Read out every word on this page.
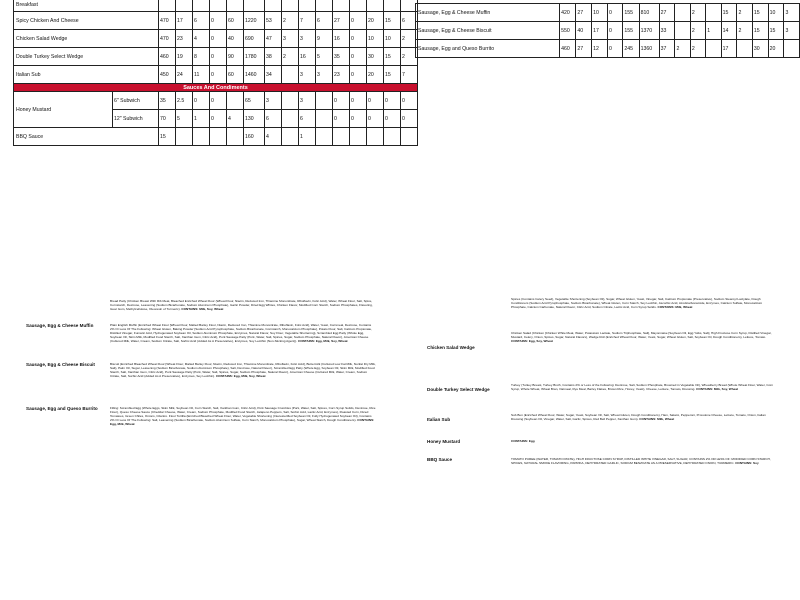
Breakfast																
Spicy Chicken And Cheese		470	17	6	0	60	1220	53	2	7	6	27	0	20	15	6
Chicken Salad Wedge		470	23	4	0	40	690	47	3	3	9	16	0	10	10	2
Double Turkey Select Wedge		460	19	8	0	90	1780	38	2	16	5	35	0	30	15	2
Italian Sub		450	24	11	0	60	1460	34		3	3	23	0	20	15	7
Sauces And Condiments																
Honey Mustard	6" Subwich	35	2.5	0	0		65	3		3		0	0	0	0	0
	12" Subwich	70	5	1	0	4	130	6		6		0	0	0	0	0
BBQ Sauce		15					160	4		1						
Sausage, Egg & Cheese Muffin	420	27	10	0	155	810	27		2		15	2	15	10	3
Sausage, Egg & Cheese Biscuit	550	40	17	0	155	1370	33		2	1	14	2	15	15	3
Sausage, Egg and Queso Burrito	460	27	12	0	245	1360	37	2	2		17		30	20	
Bread Patty (Chicken Breast With Rib Meat, Bleached Enriched Wheat Flour (Wheat Flour, Niacin, Reduced Iron, Thiamine Mononitrate, Riboflavin, Folic Acid), Water, Wheat Flour, Salt, Spice, Cornstarch, Dextrose, Leavening (Sodium Bicarbonate, Sodium Aluminum Phosphate), Garlic Powder, Dried Egg Whites, Chicken Flavor, Modified Corn Starch, Sodium Phosphates, Flavoring, Guar Gum, Methylcellulose, Oleoresin of Turmeric). CONTAINS: Milk, Soy, Wheat
Sausage, Egg & Cheese Muffin	Plain English Muffin (Enriched Wheat Flour [Wheat Flour, Malted Barley Flour, Niacin, Reduced Iron, Thiamine Mononitrate, Riboflavin, Folic Acid], Water, Yeast, Cornmeal, Dextrose, Contains 2% Or Less Of The Following: Wheat Gluten, Baking Powder [Sodium Acid Pyrophosphate, Sodium Bicarbonate, Cornstarch, Monocalcium Phosphate], Potato Flour, Salt, Calcium Propionate, Distilled Vinegar, Fumaric Acid, Hydrogenated Soybean Oil, Sodium Aluminum Phosphate, Enzymes, Natural Flavor, Soy Flour, Vegetable Shortening), Scrambled Egg Patty (Whole Egg, Soybean Oil, Skim Milk, Modified Food Starch, Salt, Xanthan Gum, Citric Acid), Pork Sausage Patty (Pork, Water, Salt, Spices, Sugar, Sodium Phosphate, Natural Flavor), American Cheese (Cultured Milk, Water, Cream, Sodium Citrate, Salt, Sorbic Acid (Added As A Preservative), Enzymes, Soy Lecithin (Non-Sticking Agent)). CONTAINS: Egg, Milk, Soy, Wheat
Sausage, Egg & Cheese Biscuit	Biscuit (Enriched Bleached Wheat Flour [Wheat Flour, Malted Barley Flour, Niacin, Reduced Iron, Thiamine Mononitrate, Riboflavin, Folic Acid], Buttermilk (Cultured Low Fat Milk, Nonfat Dry Milk, Salt), Palm Oil, Sugar, Leavening (Sodium Bicarbonate, Sodium Aluminum Phosphate), Salt, Dextrose, Natural Flavor), Scrambled Egg Patty (Whole Egg, Soybean Oil, Skim Milk, Modified Food Starch, Salt, Xanthan Gum, Citric Acid), Pork Sausage Patty (Pork, Water, Salt, Spices, Sugar, Sodium Phosphate, Natural Flavor), American Cheese (Cultured Milk, Water, Cream, Sodium Citrate, Salt, Sorbic Acid (Added As A Preservative), Enzymes, Soy Lecithin). CONTAINS: Egg, Milk, Soy, Wheat
Sausage, Egg and Queso Burrito	Filling: Scrambled Egg (Whole Eggs, Skim Milk, Soybean Oil, Corn Starch, Salt, Xanthan Gum, Citric Acid), Pork Sausage Crumbles (Pork, Water, Salt, Spices, Corn Syrup Solids, Dextrose, Rice Flour), Queso Cheese Sauce (Cheddar Cheese, Water, Cream, Sodium Phosphate, Modified Food Starch, Jalapeno Peppers, Salt, Sorbic Acid, Lactic Acid, Enzymes), Roasted Corn, Diced Tomatoes, Green Chiles, Onions, Cilantro. Flour Tortilla (Enriched Bleached Wheat Flour, Water, Vegetable Shortening (Interesterified Soybean Oil, Fully Hydrogenated Soybean Oil), Contains 2% Or Less Of The Following: Salt, Leavening (Sodium Bicarbonate, Sodium Aluminum Sulfate, Corn Starch, Monocalcium Phosphate), Sugar, Wheat Starch, Dough Conditioners). CONTAINS: Egg, Milk, Wheat
Spices (Contains Celery Seed), Vegetable Shortening (Soybean Oil), Sugar, Wheat Gluten, Yeast, Vinegar, Salt, Calcium Propionate (Preservative), Sodium Stearoyl Lactylate, Dough Conditioners (Sodium Acid Pyrophosphate, Sodium Bicarbonate), Wheat Gluten, Corn Starch, Soy Lecithin, Ascorbic Acid, Azodicarbonamide, Enzymes, Calcium Sulfate, Monocalcium Phosphate, Calcium Carbonate, Natural Flavor, Citric Acid, Sodium Citrate, Lactic Acid, Corn Syrup Solids. CONTAINS: Milk, Wheat
Chicken Salad Wedge
Chicken Salad (Chicken [Chicken White Meat, Water, Potassium Lactate, Sodium Triphosphate, Salt], Mayonnaise [Soybean Oil, Egg Yolks, Salt], High Fructose Corn Syrup, Distilled Vinegar, Mustard, Celery, Onion, Spices, Sugar, Natural Flavors), Wedge Roll (Enriched Wheat Flour, Water, Yeast, Sugar, Wheat Gluten, Salt, Soybean Oil, Dough Conditioners), Lettuce, Tomato. CONTAINS: Egg, Soy, Wheat
Double Turkey Select Wedge
Turkey (Turkey Breast, Turkey Broth, Contains 2% or Less of the Following: Dextrose, Salt, Sodium Phosphate, Browned in Vegetable Oil), Wheatberry Bread (Whole Wheat Flour, Water, Corn Syrup, Whole Wheat, Wheat Bran, Oatmeal, Rye Meal, Barley Flakes, Brown Rice, Honey, Yeast), Cheese, Lettuce, Tomato, Dressing. CONTAINS: Milk, Soy, Wheat
Italian Sub
Sub Bun (Enriched Wheat Flour, Water, Sugar, Yeast, Soybean Oil, Salt, Wheat Gluten, Dough Conditioners), Ham, Salami, Pepperoni, Provolone Cheese, Lettuce, Tomato, Onion, Italian Dressing (Soybean Oil, Vinegar, Water, Salt, Garlic, Spices, Red Bell Pepper, Xanthan Gum). CONTAINS: Milk, Wheat
Honey Mustard	CONTAINS: Egg
BBQ Sauce	TOMATO PUREE (WATER, TOMATO PASTE), HIGH FRUCTOSE CORN SYRUP, DISTILLED WHITE VINEGAR, SALT, SUGAR, CONTAINS 2% OR LESS OF: MODIFIED CORN STARCH, SPICES, NATURAL SMOKE FLAVORING, PAPRIKA, DEHYDRATED GARLIC, SODIUM BENZOATE AS A PRESERVATIVE, DEHYDRATED ONION, TURMERIC. CONTAINS: Soy
